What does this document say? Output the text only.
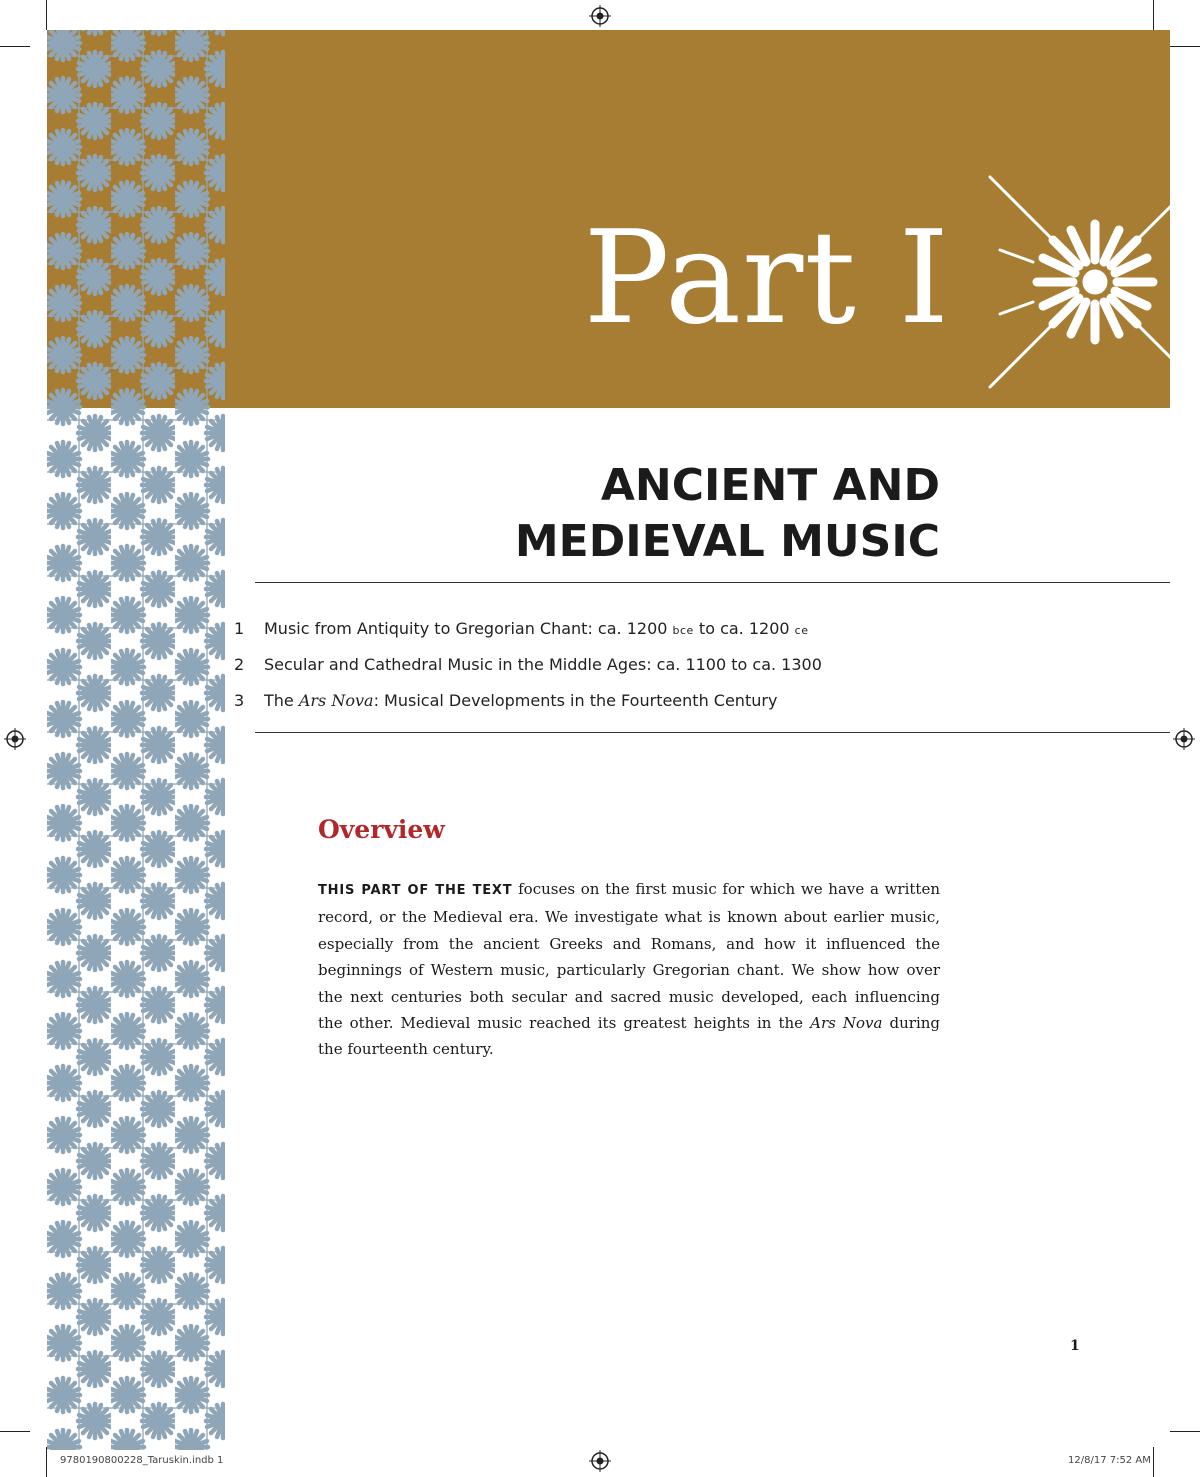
Part I
ANCIENT AND
MEDIEVAL MUSIC
1	Music from Antiquity to Gregorian Chant: ca. 1200 bce to ca. 1200 ce
2	Secular and Cathedral Music in the Middle Ages: ca. 1100 to ca. 1300
3	The Ars Nova: Musical Developments in the Fourteenth Century
Overview
THIS PART OF THE TEXT focuses on the first music for which we have a written record, or the Medieval era. We investigate what is known about earlier music, especially from the ancient Greeks and Romans, and how it influenced the beginnings of Western music, particularly Gregorian chant. We show how over the next centuries both secular and sacred music developed, each influencing the other. Medieval music reached its greatest heights in the Ars Nova during the fourteenth century.
1
9780190800228_Taruskin.indb 1	12/8/17 7:52 AM
